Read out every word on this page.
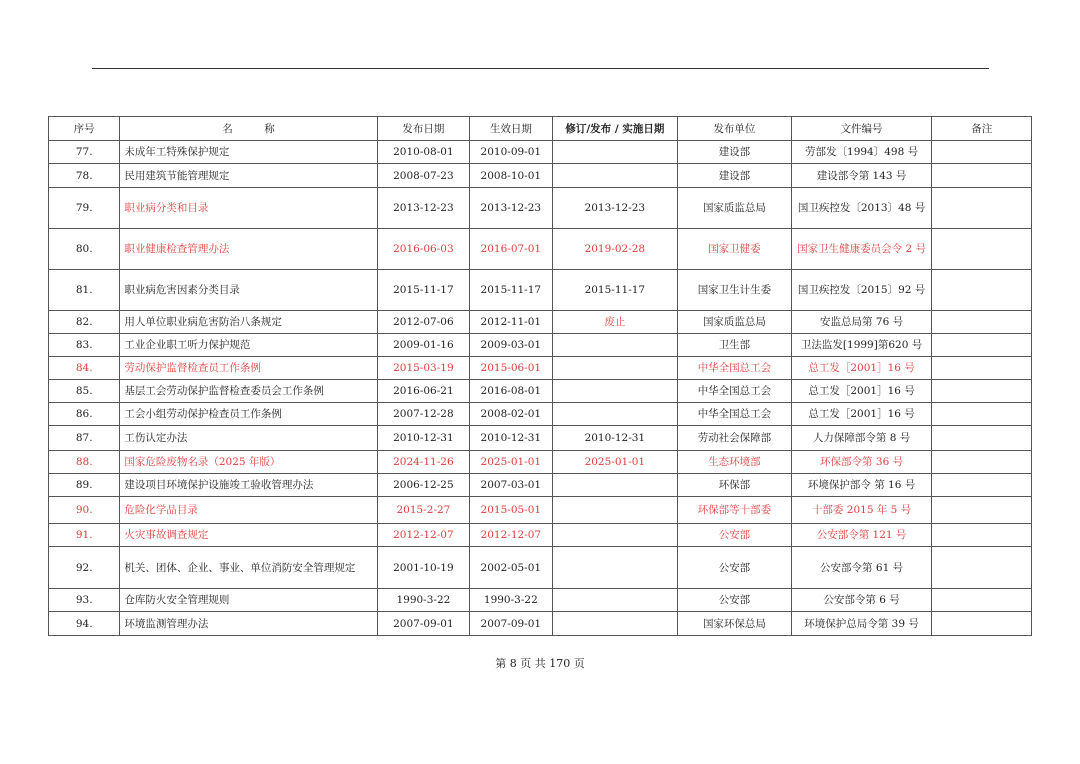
序号	名　　　称	发布日期	生效日期	修订/发布 / 实施日期	发布单位	文件编号	备注
77.	未成年工特殊保护规定	2010-08-01	2010-09-01		建设部	劳部发〔1994〕498 号	
78.	民用建筑节能管理规定	2008-07-23	2008-10-01		建设部	建设部令第 143 号	
79.	职业病分类和目录	2013-12-23	2013-12-23	2013-12-23	国家质监总局	国卫疾控发〔2013〕48 号	
80.	职业健康检查管理办法	2016-06-03	2016-07-01	2019-02-28	国家卫健委	国家卫生健康委员会令 2 号	
81.	职业病危害因素分类目录	2015-11-17	2015-11-17	2015-11-17	国家卫生计生委	国卫疾控发〔2015〕92 号	
82.	用人单位职业病危害防治八条规定	2012-07-06	2012-11-01	废止	国家质监总局	安监总局第 76 号	
83.	工业企业职工听力保护规范	2009-01-16	2009-03-01		卫生部	卫法监发[1999]第620 号	
84.	劳动保护监督检查员工作条例	2015-03-19	2015-06-01		中华全国总工会	总工发［2001］16 号	
85.	基层工会劳动保护监督检查委员会工作条例	2016-06-21	2016-08-01		中华全国总工会	总工发［2001］16 号	
86.	工会小组劳动保护检查员工作条例	2007-12-28	2008-02-01		中华全国总工会	总工发［2001］16 号	
87.	工伤认定办法	2010-12-31	2010-12-31	2010-12-31	劳动社会保障部	人力保障部令第 8 号	
88.	国家危险废物名录（2025 年版）	2024-11-26	2025-01-01	2025-01-01	生态环境部	环保部令第 36 号	
89.	建设项目环境保护设施竣工验收管理办法	2006-12-25	2007-03-01		环保部	环境保护部令 第 16 号	
90.	危险化学品目录	2015-2-27	2015-05-01		环保部等十部委	十部委 2015 年 5 号	
91.	火灾事故调查规定	2012-12-07	2012-12-07		公安部	公安部令第 121 号	
92.	机关、团体、企业、事业、单位消防安全管理规定	2001-10-19	2002-05-01		公安部	公安部令第 61 号	
93.	仓库防火安全管理规则	1990-3-22	1990-3-22		公安部	公安部令第 6 号	
94.	环境监测管理办法	2007-09-01	2007-09-01		国家环保总局	环境保护总局令第 39 号	
第 8 页 共 170 页
